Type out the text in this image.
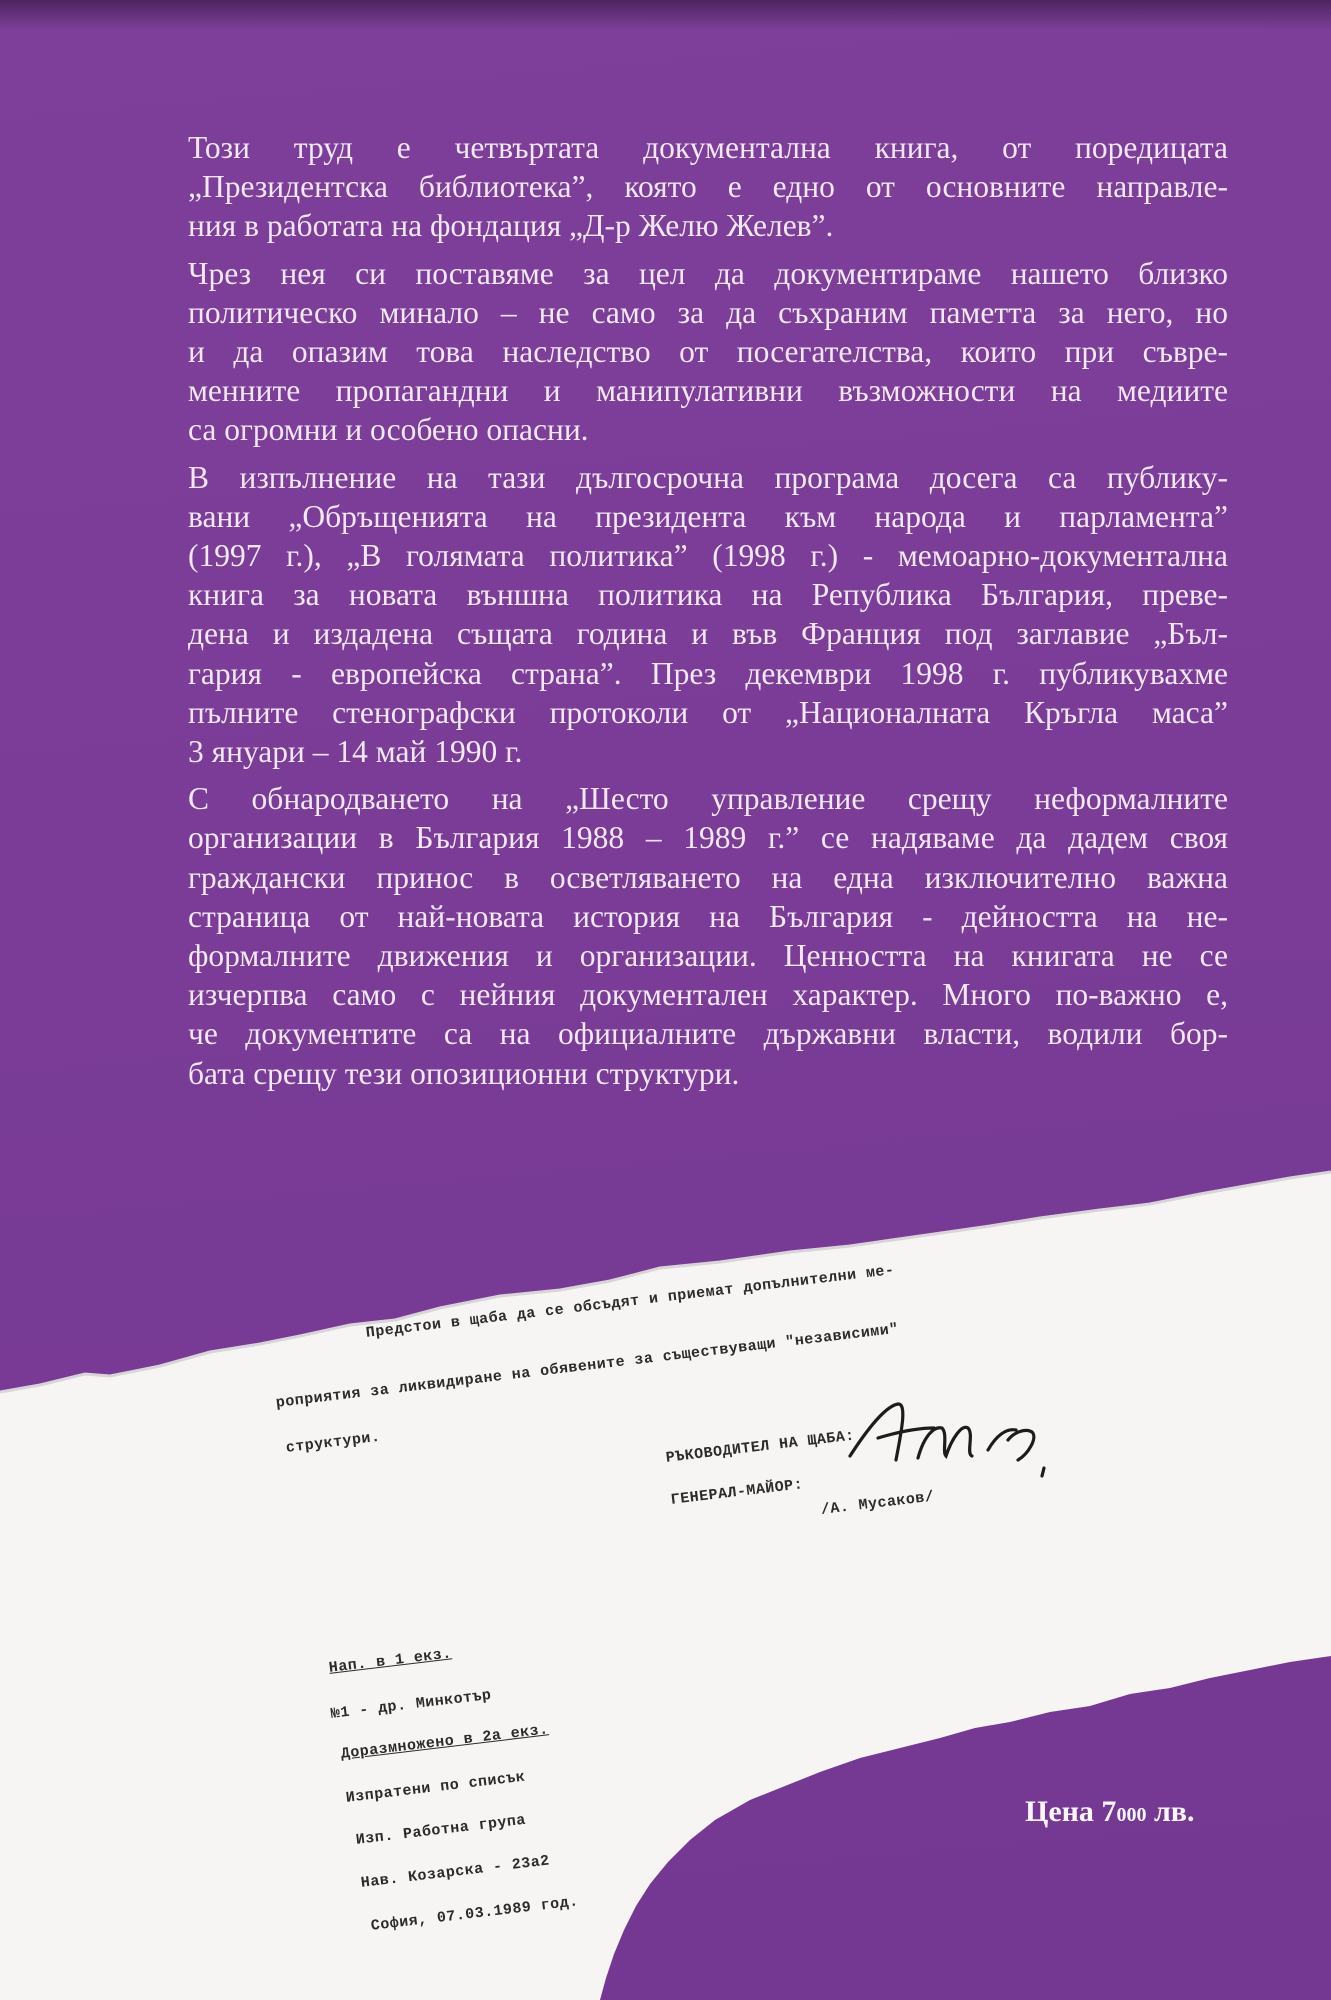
Този труд е четвъртата документална книга, от поредицата
„Президентска библиотека”, която е едно от основните направле-
ния в работата на фондация „Д-р Желю Желев”.
Чрез нея си поставяме за цел да документираме нашето близко
политическо минало – не само за да съхраним паметта за него, но
и да опазим това наследство от посегателства, които при съвре-
менните пропагандни и манипулативни възможности на медиите
са огромни и особено опасни.
В изпълнение на тази дългосрочна програма досега са публику-
вани „Обръщенията на президента към народа и парламента”
(1997 г.), „В голямата политика” (1998 г.) - мемоарно-документална
книга за новата външна политика на Република България, преве-
дена и издадена същата година и във Франция под заглавие „Бъл-
гария - европейска страна”. През декември 1998 г. публикувахме
пълните стенографски протоколи от „Националната Кръгла маса”
3 януари – 14 май 1990 г.
С обнародването на „Шесто управление срещу неформалните
организации в България 1988 – 1989 г.” се надяваме да дадем своя
граждански принос в осветляването на една изключително важна
страница от най-новата история на България - дейността на не-
формалните движения и организации. Ценността на книгата не се
изчерпва само с нейния документален характер. Много по-важно е,
че документите са на официалните държавни власти, водили бор-
бата срещу тези опозиционни структури.
Предстои в щаба да се обсъдят и приемат допълнителни ме-
роприятия за ликвидиране на обявените за съществуващи "независими"
структури.	РЪКОВОДИТЕЛ НА ЩАБА:
ГЕНЕРАЛ-МАЙОР: /А. Мусаков/
Нап. в 1 екз.
№1 - др. Минкотър
Доразмножено в 2а екз.
Изпратени по списък
Изп. Работна група
Нав. Козарска - 23а2
София, 07.03.1989 год.
Цена 7000 лв.
